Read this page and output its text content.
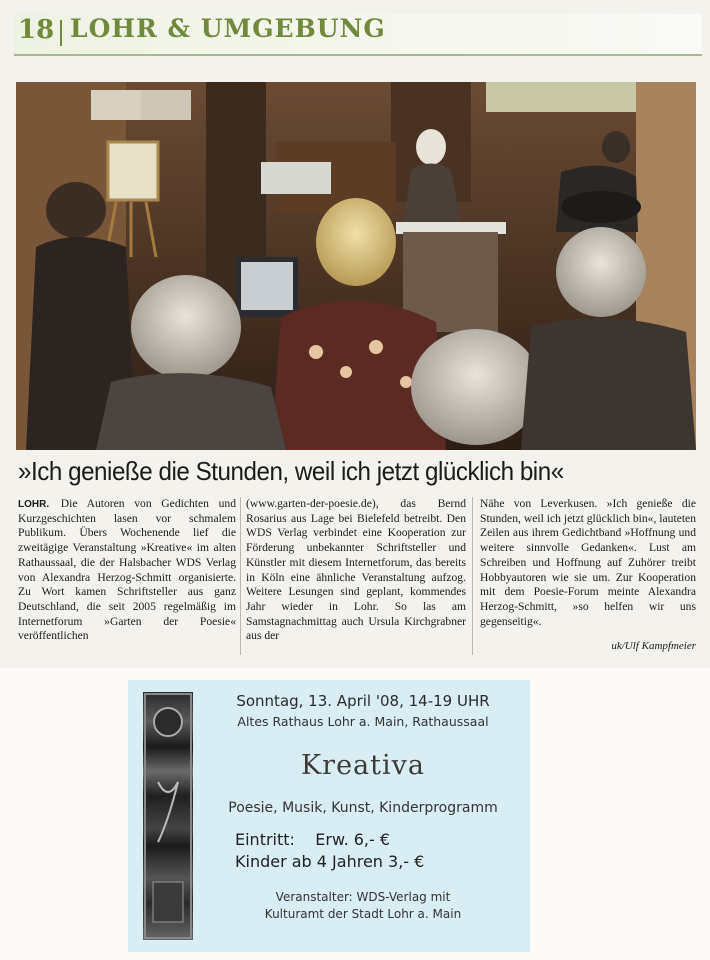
18 LOHR & UMGEBUNG
»Ich genieße die Stunden, weil ich jetzt glücklich bin«

LOHR. Die Autoren von Gedichten und Kurzgeschichten lasen vor schmalem Publikum. Übers Wochenende lief die zweitägige Veranstaltung »Kreative« im alten Rathaussaal, die der Halsbacher WDS Verlag von Alexandra Herzog-Schmitt organisierte. Zu Wort kamen Schriftsteller aus ganz Deutschland, die seit 2005 regelmäßig im Internetforum »Garten der Poesie« veröffentlichen

(www.garten-der-poesie.de), das Bernd Rosarius aus Lage bei Bielefeld betreibt. Den WDS Verlag verbindet eine Kooperation zur Förderung unbekannter Schriftsteller und Künstler mit diesem Internetforum, das bereits in Köln eine ähnliche Veranstaltung aufzog. Weitere Lesungen sind geplant, kommendes Jahr wieder in Lohr. So las am Samstagnachmittag auch Ursula Kirchgrabner aus der

Nähe von Leverkusen. »Ich genieße die Stunden, weil ich jetzt glücklich bin«, lauteten Zeilen aus ihrem Gedichtband »Hoffnung und weitere sinnvolle Gedanken«. Lust am Schreiben und Hoffnung auf Zuhörer treibt Hobbyautoren wie sie um. Zur Kooperation mit dem Poesie-Forum meinte Alexandra Herzog-Schmitt, »so helfen wir uns gegenseitig«.

uk/Ulf Kampfmeier
Sonntag, 13. April '08, 14-19 UHR
Altes Rathaus Lohr a. Main, Rathaussaal
Kreativa
Poesie, Musik, Kunst, Kinderprogramm
Eintritt:    Erw. 6,- €
Kinder ab 4 Jahren 3,- €
Veranstalter: WDS-Verlag mit
Kulturamt der Stadt Lohr a. Main
